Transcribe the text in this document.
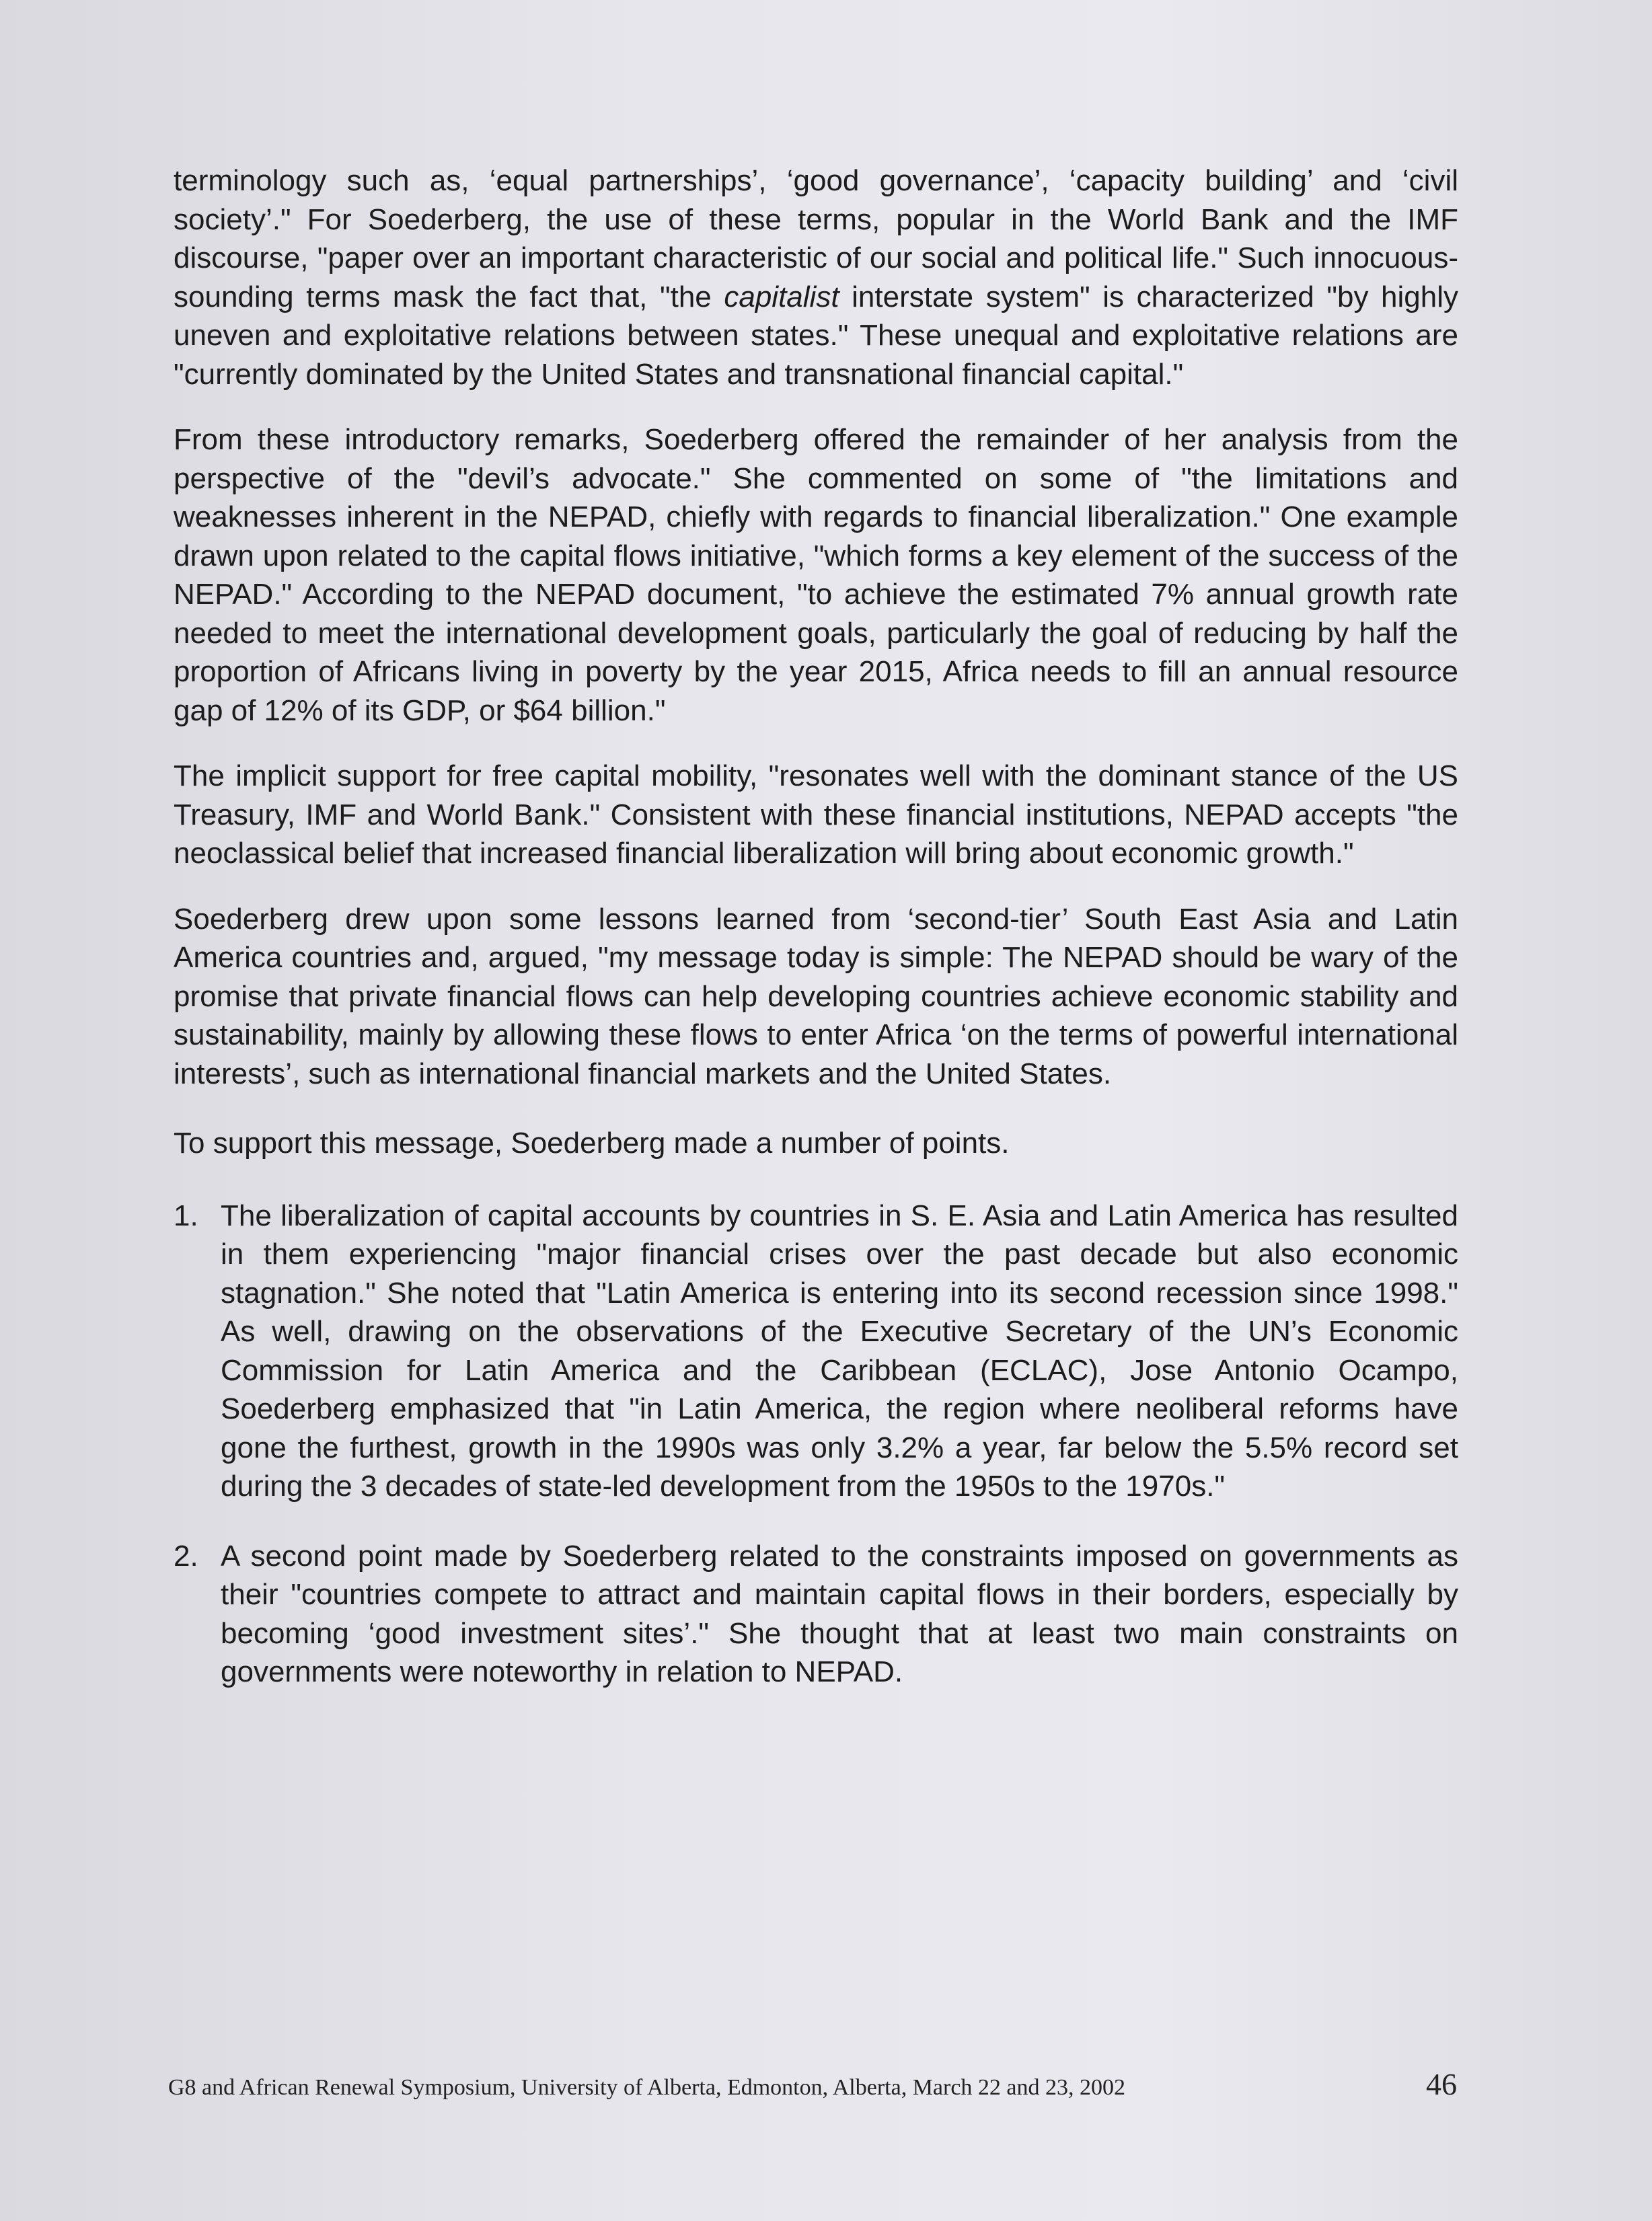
terminology such as, ‘equal partnerships’, ‘good governance’, ‘capacity building’ and ‘civil society’." For Soederberg, the use of these terms, popular in the World Bank and the IMF discourse, "paper over an important characteristic of our social and political life." Such innocuous-sounding terms mask the fact that, "the capitalist interstate system" is characterized "by highly uneven and exploitative relations between states." These unequal and exploitative relations are "currently dominated by the United States and transnational financial capital."

From these introductory remarks, Soederberg offered the remainder of her analysis from the perspective of the "devil’s advocate." She commented on some of "the limitations and weaknesses inherent in the NEPAD, chiefly with regards to financial liberalization." One example drawn upon related to the capital flows initiative, "which forms a key element of the success of the NEPAD." According to the NEPAD document, "to achieve the estimated 7% annual growth rate needed to meet the international development goals, particularly the goal of reducing by half the proportion of Africans living in poverty by the year 2015, Africa needs to fill an annual resource gap of 12% of its GDP, or $64 billion."

The implicit support for free capital mobility, "resonates well with the dominant stance of the US Treasury, IMF and World Bank." Consistent with these financial institutions, NEPAD accepts "the neoclassical belief that increased financial liberalization will bring about economic growth."

Soederberg drew upon some lessons learned from ‘second-tier’ South East Asia and Latin America countries and, argued, "my message today is simple: The NEPAD should be wary of the promise that private financial flows can help developing countries achieve economic stability and sustainability, mainly by allowing these flows to enter Africa ‘on the terms of powerful international interests’, such as international financial markets and the United States.

To support this message, Soederberg made a number of points.

1. The liberalization of capital accounts by countries in S. E. Asia and Latin America has resulted in them experiencing "major financial crises over the past decade but also economic stagnation." She noted that "Latin America is entering into its second recession since 1998." As well, drawing on the observations of the Executive Secretary of the UN’s Economic Commission for Latin America and the Caribbean (ECLAC), Jose Antonio Ocampo, Soederberg emphasized that "in Latin America, the region where neoliberal reforms have gone the furthest, growth in the 1990s was only 3.2% a year, far below the 5.5% record set during the 3 decades of state-led development from the 1950s to the 1970s."

2. A second point made by Soederberg related to the constraints imposed on governments as their "countries compete to attract and maintain capital flows in their borders, especially by becoming ‘good investment sites’." She thought that at least two main constraints on governments were noteworthy in relation to NEPAD.

G8 and African Renewal Symposium, University of Alberta, Edmonton, Alberta, March 22 and 23, 2002	46
